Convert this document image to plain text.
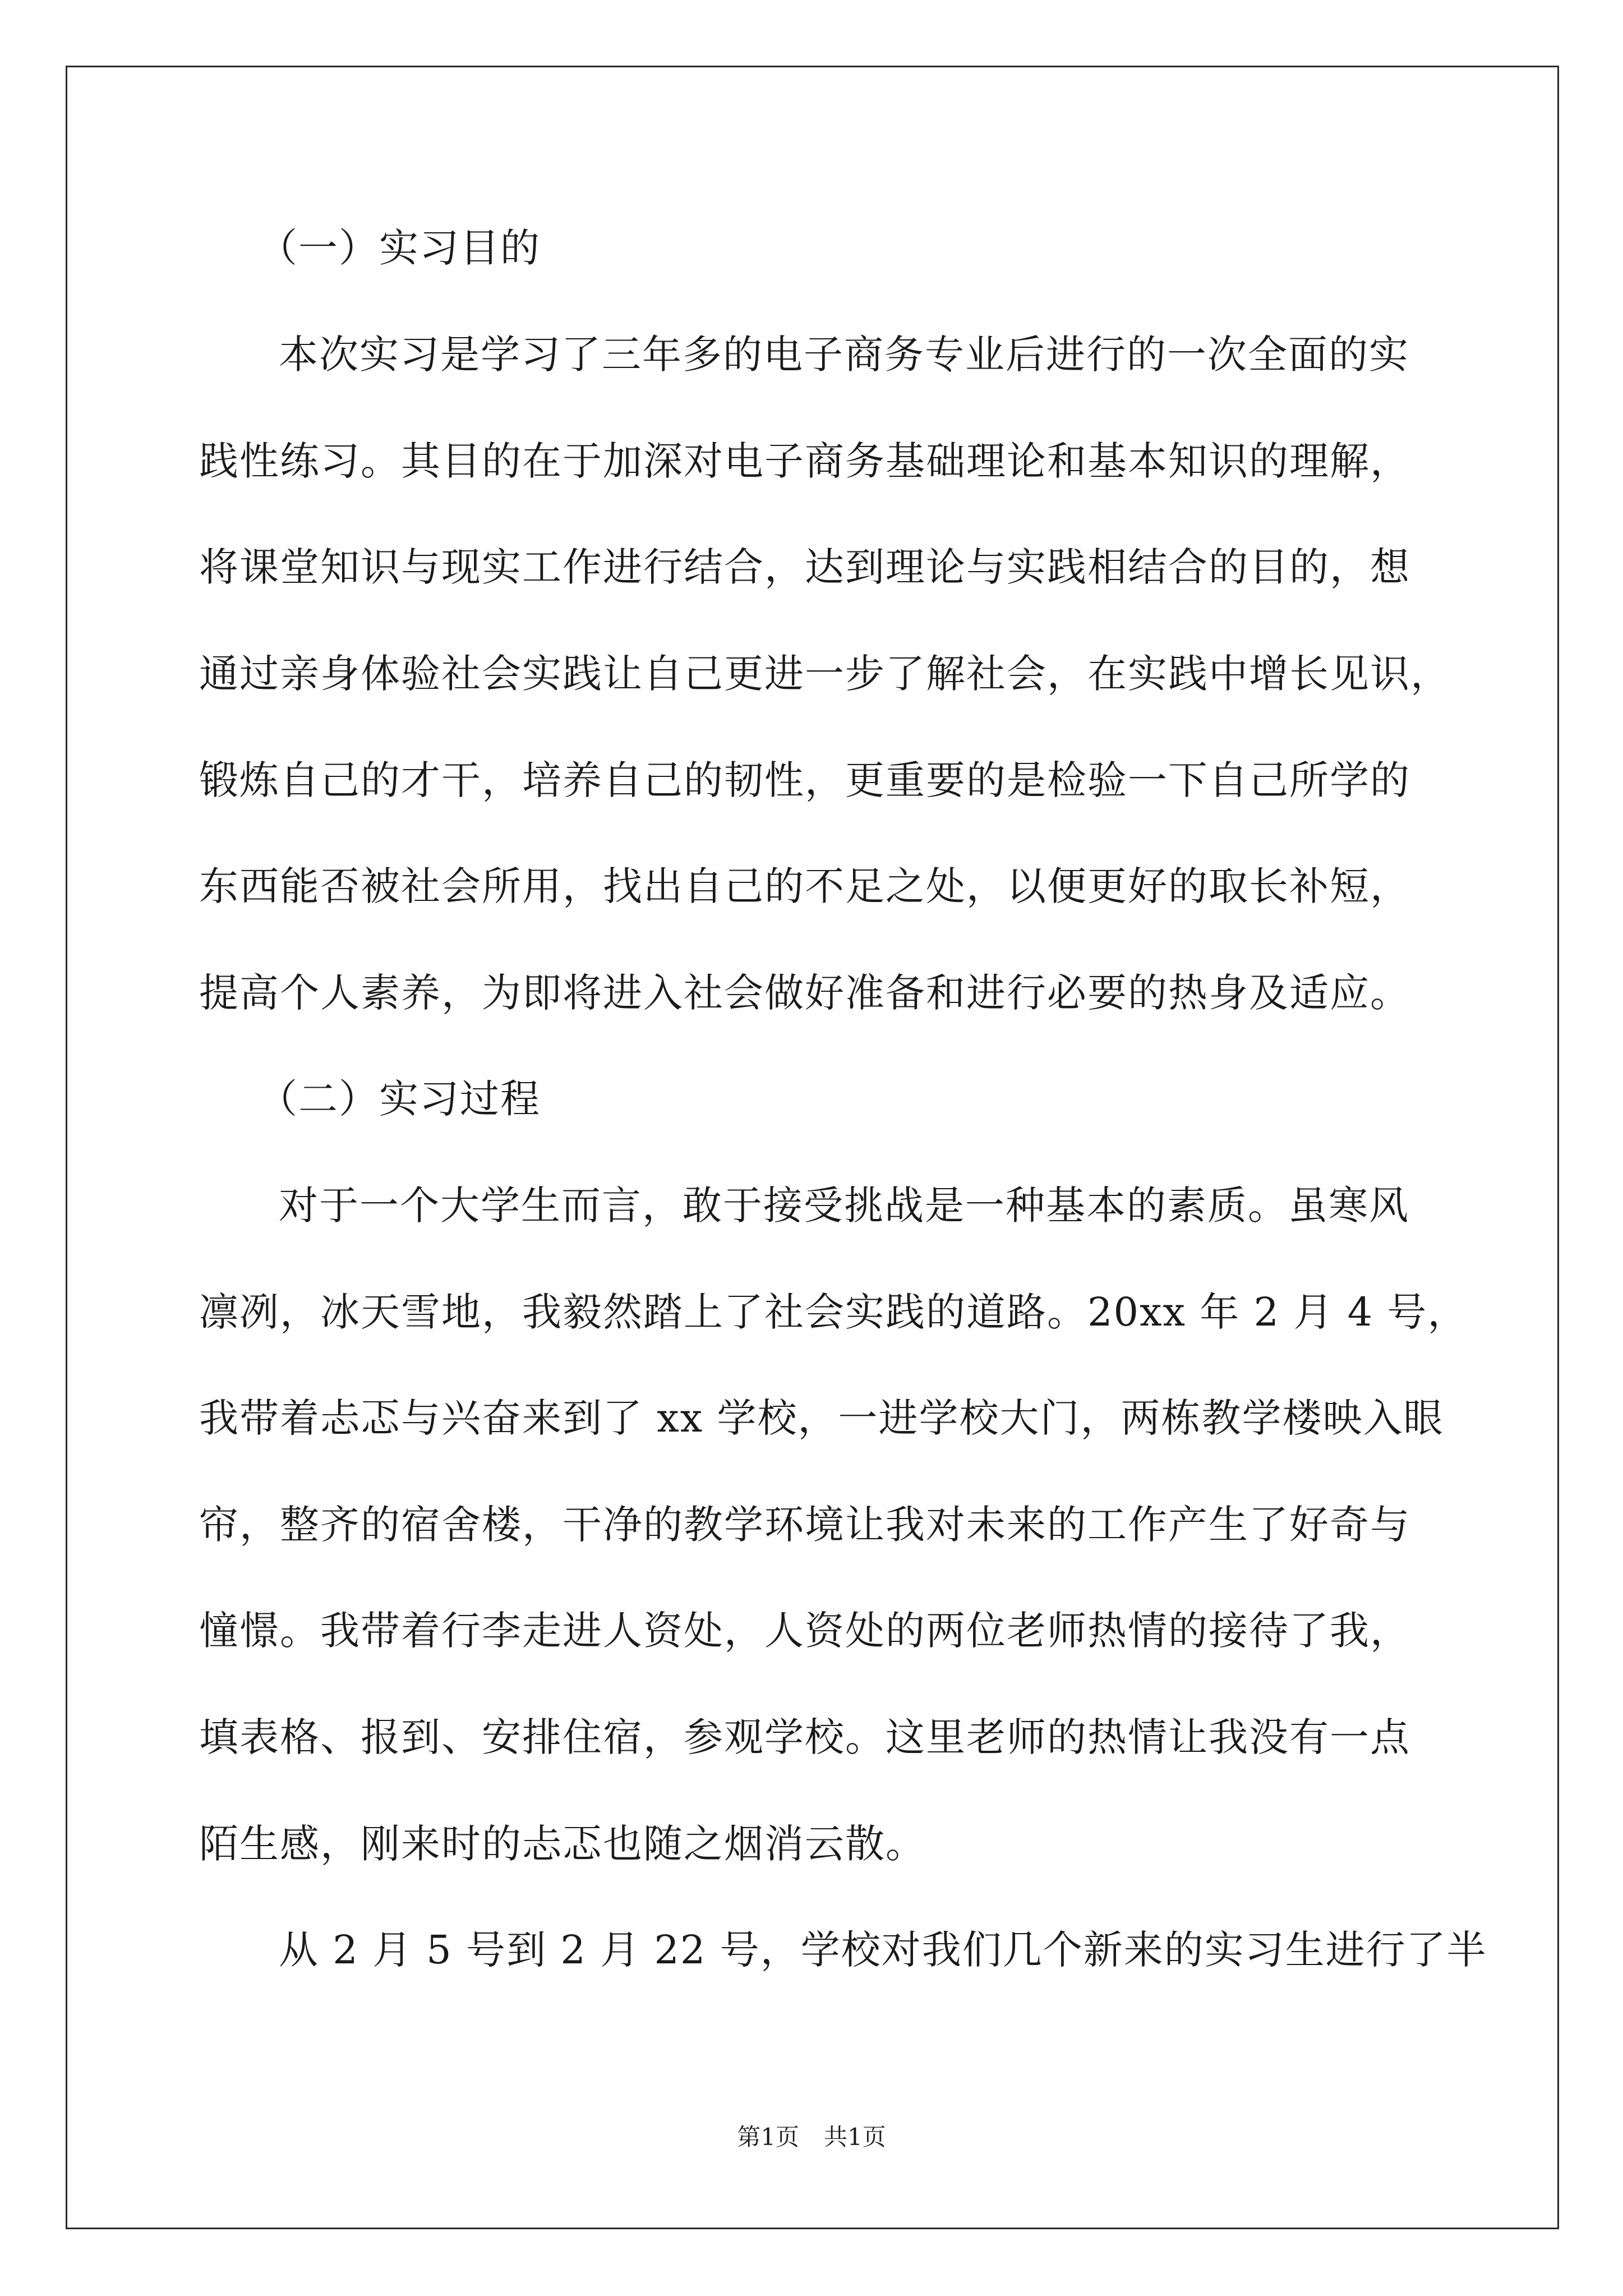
（一）实习目的
本次实习是学习了三年多的电子商务专业后进行的一次全面的实
践性练习。其目的在于加深对电子商务基础理论和基本知识的理解，
将课堂知识与现实工作进行结合，达到理论与实践相结合的目的，想
通过亲身体验社会实践让自己更进一步了解社会，在实践中增长见识，
锻炼自己的才干，培养自己的韧性，更重要的是检验一下自己所学的
东西能否被社会所用，找出自己的不足之处，以便更好的取长补短，
提高个人素养，为即将进入社会做好准备和进行必要的热身及适应。
（二）实习过程
对于一个大学生而言，敢于接受挑战是一种基本的素质。虽寒风
凛冽，冰天雪地，我毅然踏上了社会实践的道路。20xx 年 2 月 4 号，
我带着忐忑与兴奋来到了 xx 学校，一进学校大门，两栋教学楼映入眼
帘，整齐的宿舍楼，干净的教学环境让我对未来的工作产生了好奇与
憧憬。我带着行李走进人资处，人资处的两位老师热情的接待了我，
填表格、报到、安排住宿，参观学校。这里老师的热情让我没有一点
陌生感，刚来时的忐忑也随之烟消云散。
从 2 月 5 号到 2 月 22 号，学校对我们几个新来的实习生进行了半
第1页 共1页
